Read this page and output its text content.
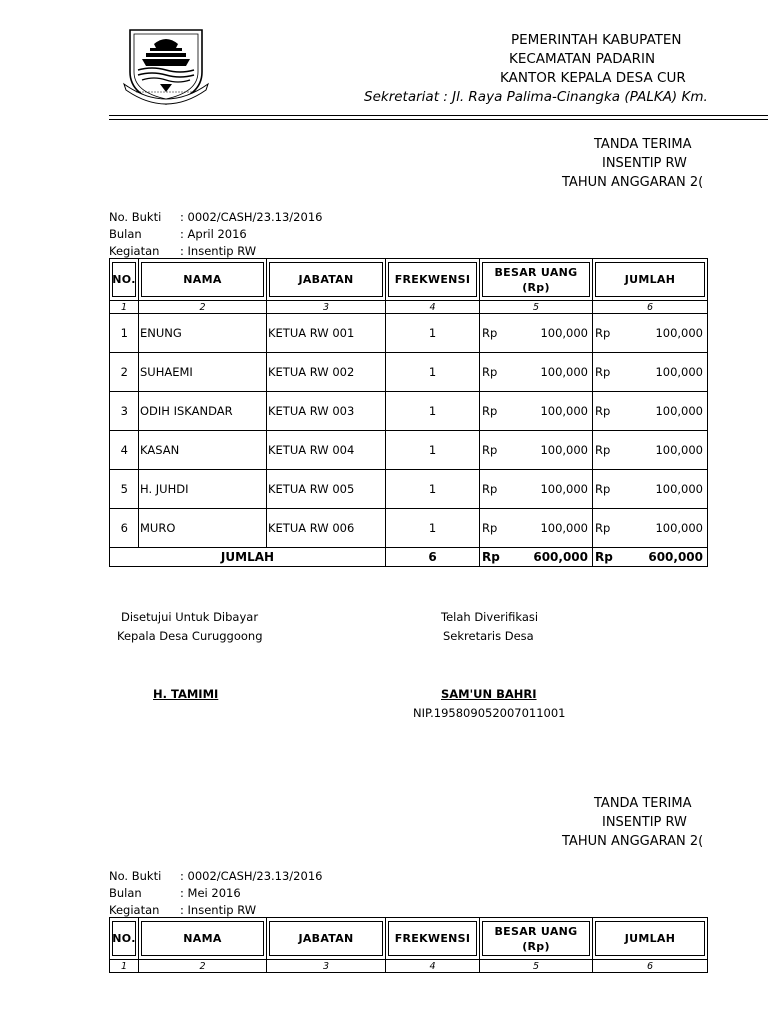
PEMERINTAH KABUPATEN
KECAMATAN PADARIN
KANTOR KEPALA DESA CUR
Sekretariat : Jl. Raya Palima-Cinangka (PALKA) Km.
TANDA TERIMA
INSENTIP RW
TAHUN ANGGARAN 2(
No. Bukti : 0002/CASH/23.13/2016
Bulan	: April 2016
Kegiatan : Insentip RW
NO.	NAMA	JABATAN	FREKWENSI	BESAR UANG (Rp)	JUMLAH

1	2	3	4	5	6
1	ENUNG	KETUA RW 001	1	Rp 100,000	Rp 100,000

2	SUHAEMI	KETUA RW 002	1	Rp 100,000	Rp 100,000

3	ODIH ISKANDAR	KETUA RW 003	1	Rp 100,000	Rp 100,000

4	KASAN	KETUA RW 004	1	Rp 100,000	Rp 100,000

5	H. JUHDI	KETUA RW 005	1	Rp 100,000	Rp 100,000

6	MURO	KETUA RW 006	1	Rp 100,000	Rp 100,000

JUMLAH			6	Rp 600,000	Rp 600,000
Disetujui Untuk Dibayar
Kepala Desa Curuggoong
H. TAMIMI
Telah Diverifikasi
Sekretaris Desa
SAM'UN BAHRI
NIP.195809052007011001
TANDA TERIMA
INSENTIP RW
TAHUN ANGGARAN 2(
No. Bukti : 0002/CASH/23.13/2016
Bulan	: Mei 2016
Kegiatan : Insentip RW
NO.	NAMA	JABATAN	FREKWENSI	BESAR UANG (Rp)	JUMLAH

1	2	3	4	5	6
